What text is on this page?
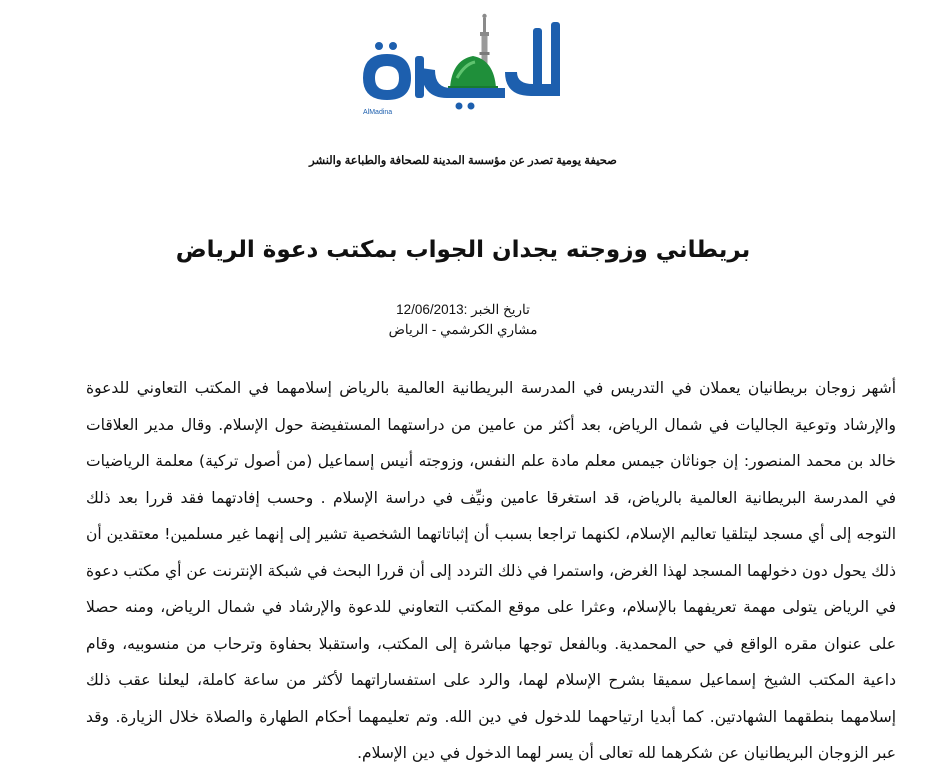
AlMadina
صحيفة يومية تصدر عن مؤسسة المدينة للصحافة والطباعة والنشر
بريطاني وزوجته يجدان الجواب بمكتب دعوة الرياض
تاريخ الخبر :12/06/2013
مشاري الكرشمي - الرياض
أشهر زوجان بريطانيان يعملان في التدريس في المدرسة البريطانية العالمية بالرياض إسلامهما في المكتب التعاوني للدعوة والإرشاد وتوعية الجاليات في شمال الرياض، بعد أكثر من عامين من دراستهما المستفيضة حول الإسلام. وقال مدير العلاقات خالد بن محمد المنصور: إن جوناثان جيمس معلم مادة علم النفس، وزوجته أنيس إسماعيل (من أصول تركية) معلمة الرياضيات في المدرسة البريطانية العالمية بالرياض، قد استغرقا عامين ونيِّف في دراسة الإسلام . وحسب إفادتهما فقد قررا بعد ذلك التوجه إلى أي مسجد ليتلقيا تعاليم الإسلام، لكنهما تراجعا بسبب أن إثباتاتهما الشخصية تشير إلى إنهما غير مسلمين! معتقدين أن ذلك يحول دون دخولهما المسجد لهذا الغرض، واستمرا في ذلك التردد إلى أن قررا البحث في شبكة الإنترنت عن أي مكتب دعوة في الرياض يتولى مهمة تعريفهما بالإسلام، وعثرا على موقع المكتب التعاوني للدعوة والإرشاد في شمال الرياض، ومنه حصلا على عنوان مقره الواقع في حي المحمدية. وبالفعل توجها مباشرة إلى المكتب، واستقبلا بحفاوة وترحاب من منسوبيه، وقام داعية المكتب الشيخ إسماعيل سميقا بشرح الإسلام لهما، والرد على استفساراتهما لأكثر من ساعة كاملة، ليعلنا عقب ذلك إسلامهما بنطقهما الشهادتين. كما أبديا ارتياحهما للدخول في دين الله. وتم تعليمهما أحكام الطهارة والصلاة خلال الزيارة. وقد عبر الزوجان البريطانيان عن شكرهما لله تعالى أن يسر لهما الدخول في دين الإسلام.
